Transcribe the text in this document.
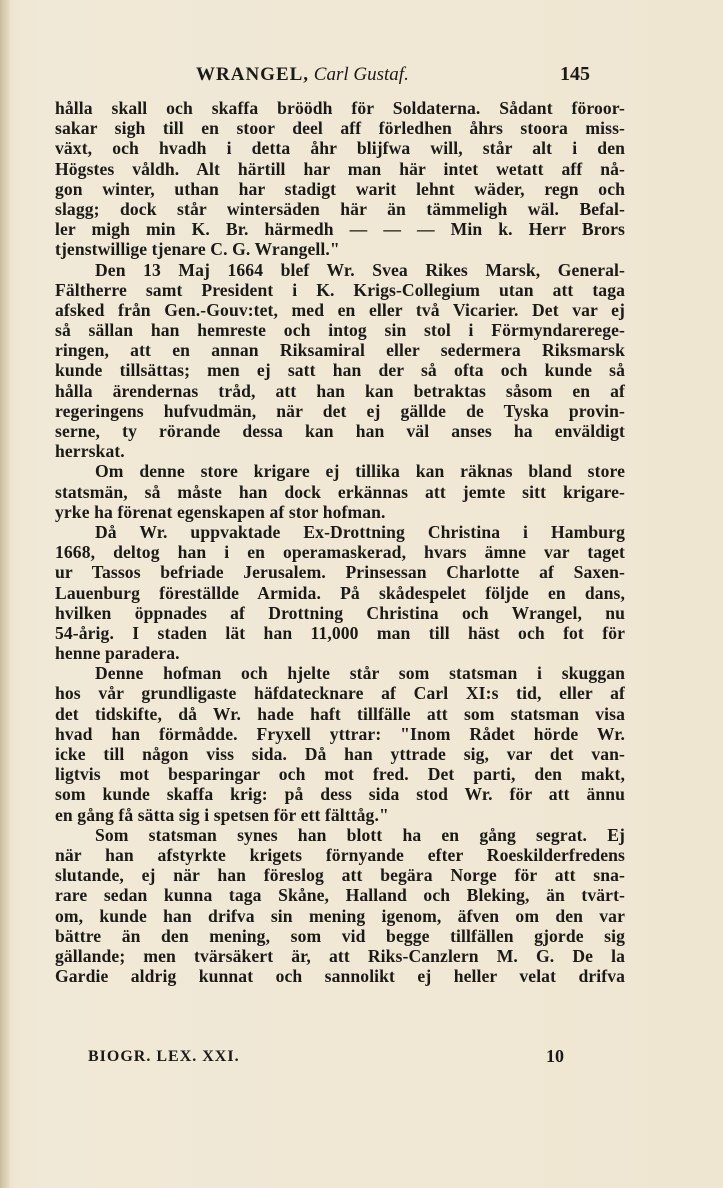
WRANGEL, Carl Gustaf.	145
hålla skall och skaffa bröödh för Soldaterna. Sådant föroor-
sakar sigh till en stoor deel aff förledhen åhrs stoora miss-
växt, och hvadh i detta åhr blijfwa will, står alt i den
Högstes våldh. Alt härtill har man här intet wetatt aff nå-
gon winter, uthan har stadigt warit lehnt wäder, regn och
slagg; dock står wintersäden här än tämmeligh wäl. Befal-
ler migh min K. Br. härmedh — — — Min k. Herr Brors
tjenstwillige tjenare C. G. Wrangell."
Den 13 Maj 1664 blef Wr. Svea Rikes Marsk, General-
Fältherre samt President i K. Krigs-Collegium utan att taga
afsked från Gen.-Gouv:tet, med en eller två Vicarier. Det var ej
så sällan han hemreste och intog sin stol i Förmyndarerege-
ringen, att en annan Riksamiral eller sedermera Riksmarsk
kunde tillsättas; men ej satt han der så ofta och kunde så
hålla ärendernas tråd, att han kan betraktas såsom en af
regeringens hufvudmän, när det ej gällde de Tyska provin-
serne, ty rörande dessa kan han väl anses ha enväldigt
herrskat.
Om denne store krigare ej tillika kan räknas bland store
statsmän, så måste han dock erkännas att jemte sitt krigare-
yrke ha förenat egenskapen af stor hofman.
Då Wr. uppvaktade Ex-Drottning Christina i Hamburg
1668, deltog han i en operamaskerad, hvars ämne var taget
ur Tassos befriade Jerusalem. Prinsessan Charlotte af Saxen-
Lauenburg föreställde Armida. På skådespelet följde en dans,
hvilken öppnades af Drottning Christina och Wrangel, nu
54-årig. I staden lät han 11,000 man till häst och fot för
henne paradera.
Denne hofman och hjelte står som statsman i skuggan
hos vår grundligaste häfdatecknare af Carl XI:s tid, eller af
det tidskifte, då Wr. hade haft tillfälle att som statsman visa
hvad han förmådde. Fryxell yttrar: "Inom Rådet hörde Wr.
icke till någon viss sida. Då han yttrade sig, var det van-
ligtvis mot besparingar och mot fred. Det parti, den makt,
som kunde skaffa krig: på dess sida stod Wr. för att ännu
en gång få sätta sig i spetsen för ett fälttåg."
Som statsman synes han blott ha en gång segrat. Ej
när han afstyrkte krigets förnyande efter Roeskilderfredens
slutande, ej när han föreslog att begära Norge för att sna-
rare sedan kunna taga Skåne, Halland och Bleking, än tvärt-
om, kunde han drifva sin mening igenom, äfven om den var
bättre än den mening, som vid begge tillfällen gjorde sig
gällande; men tvärsäkert är, att Riks-Canzlern M. G. De la
Gardie aldrig kunnat och sannolikt ej heller velat drifva
BIOGR. LEX. XXI.	10
